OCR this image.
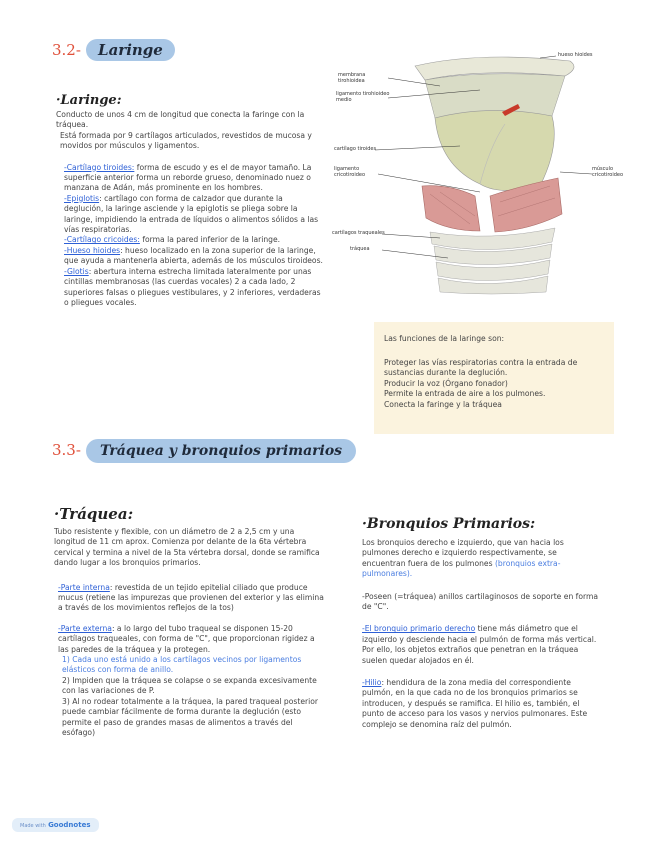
3.2- Laringe
·Laringe:
Conducto de unos 4 cm de longitud que conecta la faringe con la tráquea.
Está formada por 9 cartílagos articulados, revestidos de mucosa y movidos por músculos y ligamentos.
-Cartílago tiroides: forma de escudo y es el de mayor tamaño. La superficie anterior forma un reborde grueso, denominado nuez o manzana de Adán, más prominente en los hombres.
-Epiglotis: cartílago con forma de calzador que durante la deglución, la laringe asciende y la epiglotis se pliega sobre la laringe, impidiendo la entrada de líquidos o alimentos sólidos a las vías respiratorias.
-Cartílago cricoides: forma la pared inferior de la laringe.
-Hueso hioides: hueso localizado en la zona superior de la laringe, que ayuda a mantenerla abierta, además de los músculos tiroideos.
-Glotis: abertura interna estrecha limitada lateralmente por unas cintillas membranosas (las cuerdas vocales) 2 a cada lado, 2 superiores falsas o pliegues vestibulares, y 2 inferiores, verdaderas o pliegues vocales.
hueso hioides
membrana tirohioidea
ligamento tirohioideo medio
cartílago tiroides
ligamento cricotiroideo
cartílagos traqueales
tráquea
músculo cricotiroideo
Las funciones de la laringe son:
Proteger las vías respiratorias contra la entrada de sustancias durante la deglución.
Producir la voz (Órgano fonador)
Permite la entrada de aire a los pulmones.
Conecta la faringe y la tráquea
3.3- Tráquea y bronquios primarios
·Tráquea:
Tubo resistente y flexible, con un diámetro de 2 a 2,5 cm y una longitud de 11 cm aprox. Comienza por delante de la 6ta vértebra cervical y termina a nivel de la 5ta vértebra dorsal, donde se ramifica dando lugar a los bronquios primarios.
-Parte interna: revestida de un tejido epitelial ciliado que produce mucus (retiene las impurezas que provienen del exterior y las elimina a través de los movimientos reflejos de la tos)
-Parte externa: a lo largo del tubo traqueal se disponen 15-20 cartílagos traqueales, con forma de "C", que proporcionan rigidez a las paredes de la tráquea y la protegen.
1) Cada uno está unido a los cartílagos vecinos por ligamentos elásticos con forma de anillo.
2) Impiden que la tráquea se colapse o se expanda excesivamente con las variaciones de P.
3) Al no rodear totalmente a la tráquea, la pared traqueal posterior puede cambiar fácilmente de forma durante la deglución (esto permite el paso de grandes masas de alimentos a través del esófago)
·Bronquios Primarios:
Los bronquios derecho e izquierdo, que van hacia los pulmones derecho e izquierdo respectivamente, se encuentran fuera de los pulmones (bronquios extra-pulmonares).
-Poseen (=tráquea) anillos cartilaginosos de soporte en forma de "C".
-El bronquio primario derecho tiene más diámetro que el izquierdo y desciende hacia el pulmón de forma más vertical. Por ello, los objetos extraños que penetran en la tráquea suelen quedar alojados en él.
-Hilio: hendidura de la zona media del correspondiente pulmón, en la que cada no de los bronquios primarios se introducen, y después se ramifica. El hilio es, también, el punto de acceso para los vasos y nervios pulmonares. Este complejo se denomina raíz del pulmón.
Made with Goodnotes
